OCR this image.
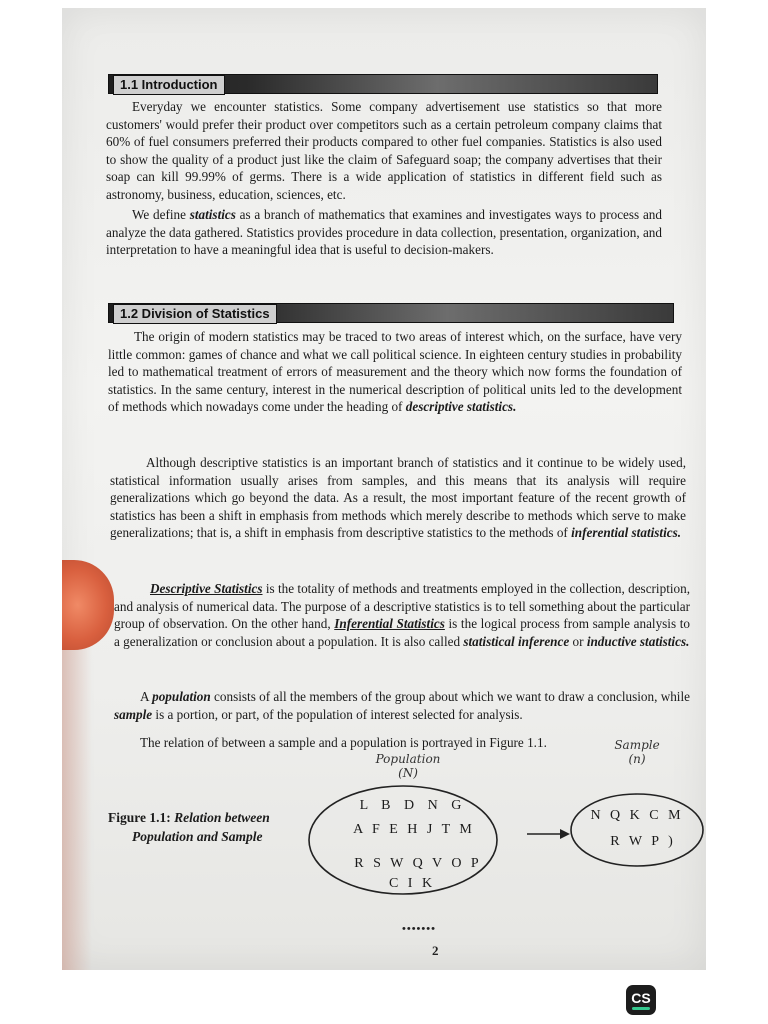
1.1 Introduction

Everyday we encounter statistics. Some company advertisement use statistics so that more customers' would prefer their product over competitors such as a certain petroleum company claims that 60% of fuel consumers preferred their products compared to other fuel companies. Statistics is also used to show the quality of a product just like the claim of Safeguard soap; the company advertises that their soap can kill 99.99% of germs. There is a wide application of statistics in different field such as astronomy, business, education, sciences, etc.

We define statistics as a branch of mathematics that examines and investigates ways to process and analyze the data gathered. Statistics provides procedure in data collection, presentation, organization, and interpretation to have a meaningful idea that is useful to decision-makers.

1.2 Division of Statistics

The origin of modern statistics may be traced to two areas of interest which, on the surface, have very little common: games of chance and what we call political science. In eighteen century studies in probability led to mathematical treatment of errors of measurement and the theory which now forms the foundation of statistics. In the same century, interest in the numerical description of political units led to the development of methods which nowadays come under the heading of descriptive statistics.

Although descriptive statistics is an important branch of statistics and it continue to be widely used, statistical information usually arises from samples, and this means that its analysis will require generalizations which go beyond the data. As a result, the most important feature of the recent growth of statistics has been a shift in emphasis from methods which merely describe to methods which serve to make generalizations; that is, a shift in emphasis from descriptive statistics to the methods of inferential statistics.

Descriptive Statistics is the totality of methods and treatments employed in the collection, description, and analysis of numerical data. The purpose of a descriptive statistics is to tell something about the particular group of observation. On the other hand, Inferential Statistics is the logical process from sample analysis to a generalization or conclusion about a population. It is also called statistical inference or inductive statistics.

A population consists of all the members of the group about which we want to draw a conclusion, while sample is a portion, or part, of the population of interest selected for analysis.

The relation of between a sample and a population is portrayed in Figure 1.1.

Figure 1.1: Relation between
Population and Sample
Population
(N)
Sample
(n)
L B D N G
A F E H J T M
R S W Q V O P
C I K
N Q K C M
R W P )
•••••••
2
CS
